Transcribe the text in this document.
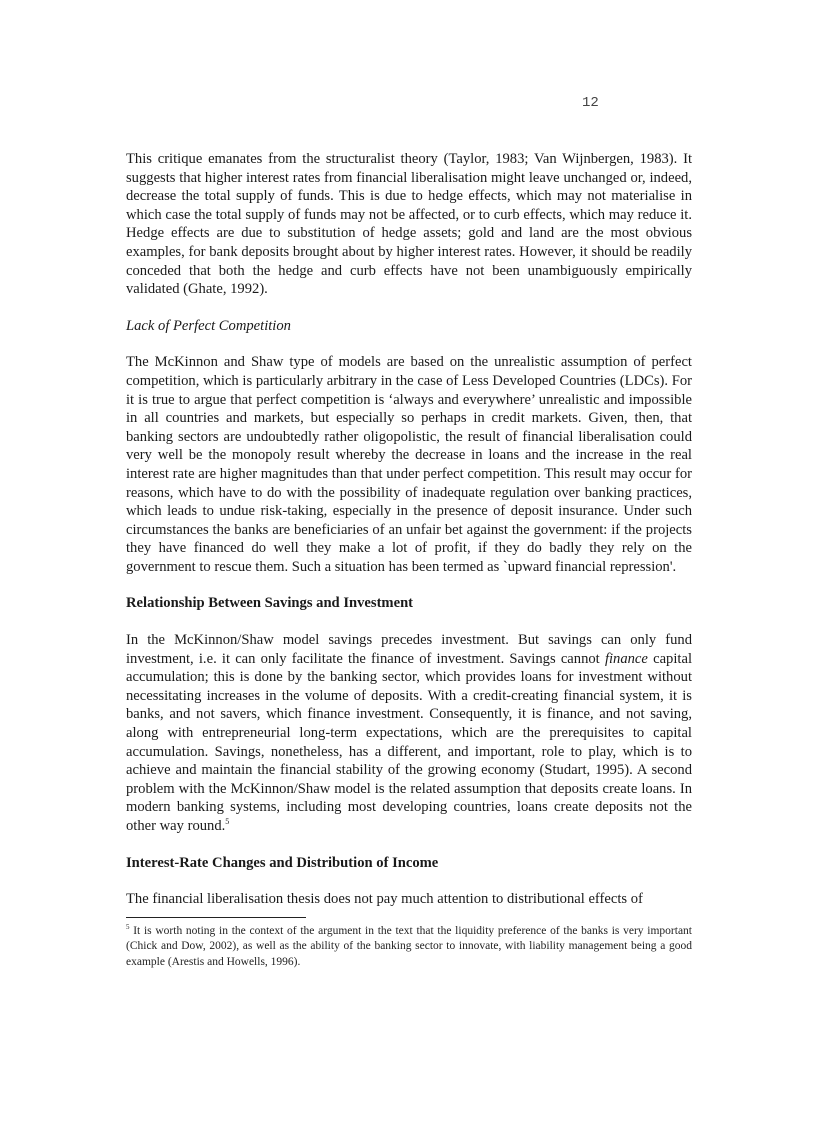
12

This critique emanates from the structuralist theory (Taylor, 1983; Van Wijnbergen, 1983). It suggests that higher interest rates from financial liberalisation might leave unchanged or, indeed, decrease the total supply of funds. This is due to hedge effects, which may not materialise in which case the total supply of funds may not be affected, or to curb effects, which may reduce it. Hedge effects are due to substitution of hedge assets; gold and land are the most obvious examples, for bank deposits brought about by higher interest rates. However, it should be readily conceded that both the hedge and curb effects have not been unambiguously empirically validated (Ghate, 1992).

Lack of Perfect Competition

The McKinnon and Shaw type of models are based on the unrealistic assumption of perfect competition, which is particularly arbitrary in the case of Less Developed Countries (LDCs). For it is true to argue that perfect competition is ‘always and everywhere’ unrealistic and impossible in all countries and markets, but especially so perhaps in credit markets. Given, then, that banking sectors are undoubtedly rather oligopolistic, the result of financial liberalisation could very well be the monopoly result whereby the decrease in loans and the increase in the real interest rate are higher magnitudes than that under perfect competition. This result may occur for reasons, which have to do with the possibility of inadequate regulation over banking practices, which leads to undue risk-taking, especially in the presence of deposit insurance. Under such circumstances the banks are beneficiaries of an unfair bet against the government: if the projects they have financed do well they make a lot of profit, if they do badly they rely on the government to rescue them. Such a situation has been termed as `upward financial repression'.

Relationship Between Savings and Investment

In the McKinnon/Shaw model savings precedes investment. But savings can only fund investment, i.e. it can only facilitate the finance of investment. Savings cannot finance capital accumulation; this is done by the banking sector, which provides loans for investment without necessitating increases in the volume of deposits. With a credit-creating financial system, it is banks, and not savers, which finance investment. Consequently, it is finance, and not saving, along with entrepreneurial long-term expectations, which are the prerequisites to capital accumulation. Savings, nonetheless, has a different, and important, role to play, which is to achieve and maintain the financial stability of the growing economy (Studart, 1995). A second problem with the McKinnon/Shaw model is the related assumption that deposits create loans. In modern banking systems, including most developing countries, loans create deposits not the other way round.$^5$

Interest-Rate Changes and Distribution of Income

The financial liberalisation thesis does not pay much attention to distributional effects of

$^5$ It is worth noting in the context of the argument in the text that the liquidity preference of the banks is very important (Chick and Dow, 2002), as well as the ability of the banking sector to innovate, with liability management being a good example (Arestis and Howells, 1996).
